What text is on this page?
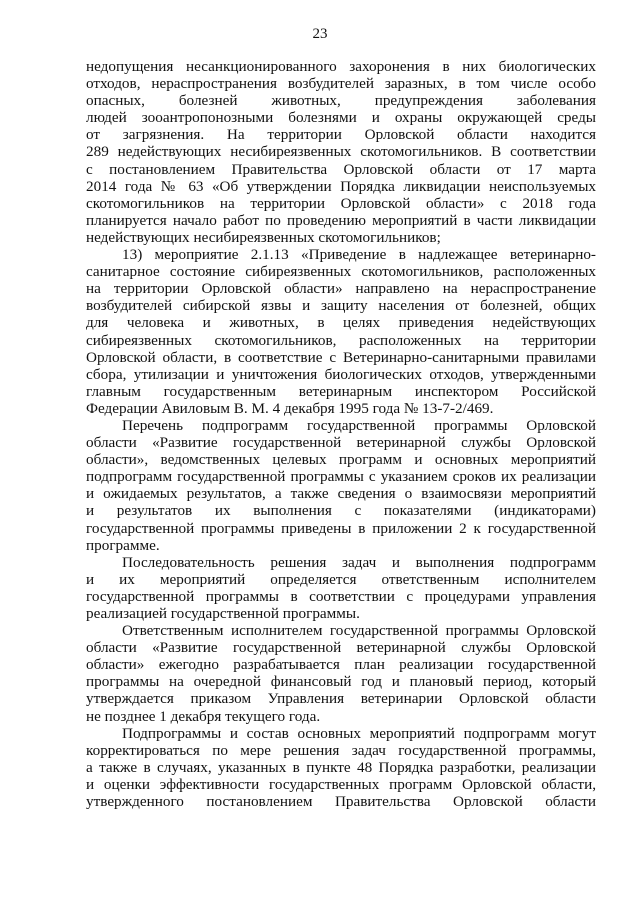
23

недопущения несанкционированного захоронения в них биологических
отходов, нераспространения возбудителей заразных, в том числе особо
опасных, болезней животных, предупреждения заболевания
людей зооантропонозными болезнями и охраны окружающей среды
от загрязнения. На территории Орловской области находится
289 недействующих несибиреязвенных скотомогильников. В соответствии
с постановлением Правительства Орловской области от 17 марта
2014 года № 63 «Об утверждении Порядка ликвидации неиспользуемых
скотомогильников на территории Орловской области» с 2018 года
планируется начало работ по проведению мероприятий в части ликвидации
недействующих несибиреязвенных скотомогильников;

13) мероприятие 2.1.13 «Приведение в надлежащее ветеринарно-
санитарное состояние сибиреязвенных скотомогильников, расположенных
на территории Орловской области» направлено на нераспространение
возбудителей сибирской язвы и защиту населения от болезней, общих
для человека и животных, в целях приведения недействующих
сибиреязвенных скотомогильников, расположенных на территории
Орловской области, в соответствие с Ветеринарно-санитарными правилами
сбора, утилизации и уничтожения биологических отходов, утвержденными
главным государственным ветеринарным инспектором Российской
Федерации Авиловым В. М. 4 декабря 1995 года № 13-7-2/469.

Перечень подпрограмм государственной программы Орловской
области «Развитие государственной ветеринарной службы Орловской
области», ведомственных целевых программ и основных мероприятий
подпрограмм государственной программы с указанием сроков их реализации
и ожидаемых результатов, а также сведения о взаимосвязи мероприятий
и результатов их выполнения с показателями (индикаторами)
государственной программы приведены в приложении 2 к государственной
программе.

Последовательность решения задач и выполнения подпрограмм
и их мероприятий определяется ответственным исполнителем
государственной программы в соответствии с процедурами управления
реализацией государственной программы.

Ответственным исполнителем государственной программы Орловской
области «Развитие государственной ветеринарной службы Орловской
области» ежегодно разрабатывается план реализации государственной
программы на очередной финансовый год и плановый период, который
утверждается приказом Управления ветеринарии Орловской области
не позднее 1 декабря текущего года.

Подпрограммы и состав основных мероприятий подпрограмм могут
корректироваться по мере решения задач государственной программы,
а также в случаях, указанных в пункте 48 Порядка разработки, реализации
и оценки эффективности государственных программ Орловской области,
утвержденного постановлением Правительства Орловской области
